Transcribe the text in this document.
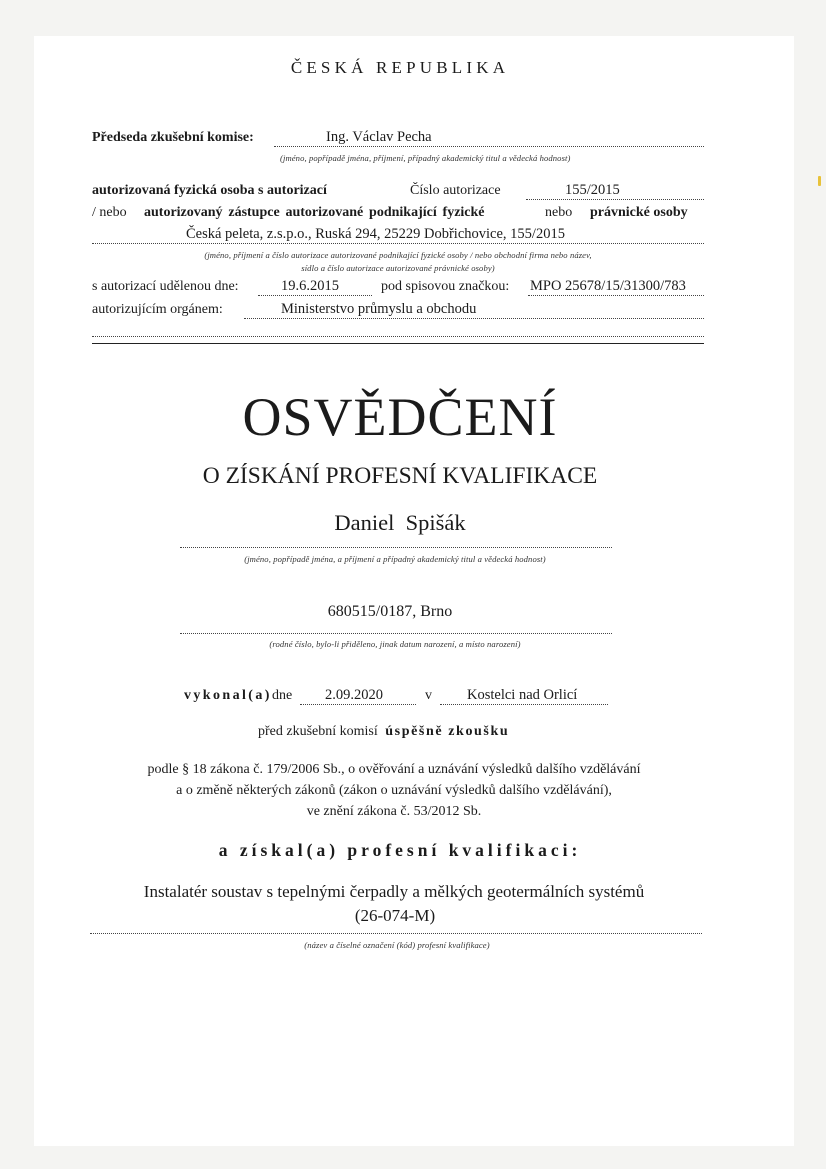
ČESKÁ REPUBLIKA
Předseda zkušební komise:	Ing. Václav Pecha
(jméno, popřípadě jména, příjmení, případný akademický titul a vědecká hodnost)
autorizovaná fyzická osoba s autorizací	Číslo autorizace	155/2015
/ nebo autorizovaný zástupce autorizované podnikající fyzické	nebo právnické osoby
Česká peleta, z.s.p.o., Ruská 294, 25229 Dobřichovice, 155/2015
(jméno, příjmení a číslo autorizace autorizované podnikající fyzické osoby / nebo obchodní firma nebo název,
sídlo a číslo autorizace autorizované právnické osoby)
s autorizací udělenou dne:	19.6.2015	pod spisovou značkou: MPO 25678/15/31300/783
autorizujícím orgánem:	Ministerstvo průmyslu a obchodu
OSVĚDČENÍ
O ZÍSKÁNÍ PROFESNÍ KVALIFIKACE
Daniel  Spišák
(jméno, popřípadě jména, a příjmení a případný akademický titul a vědecká hodnost)
680515/0187, Brno
(rodné číslo, bylo-li přiděleno, jinak datum narození, a místo narození)
vykonal(a) dne 2.09.2020	v Kostelci nad Orlicí
před zkušební komisí úspěšně zkoušku
podle § 18 zákona č. 179/2006 Sb., o ověřování a uznávání výsledků dalšího vzdělávání
a o změně některých zákonů (zákon o uznávání výsledků dalšího vzdělávání),
ve znění zákona č. 53/2012 Sb.
a získal(a) profesní kvalifikaci:
Instalatér soustav s tepelnými čerpadly a mělkých geotermálních systémů
(26-074-M)
(název a číselné označení (kód) profesní kvalifikace)
